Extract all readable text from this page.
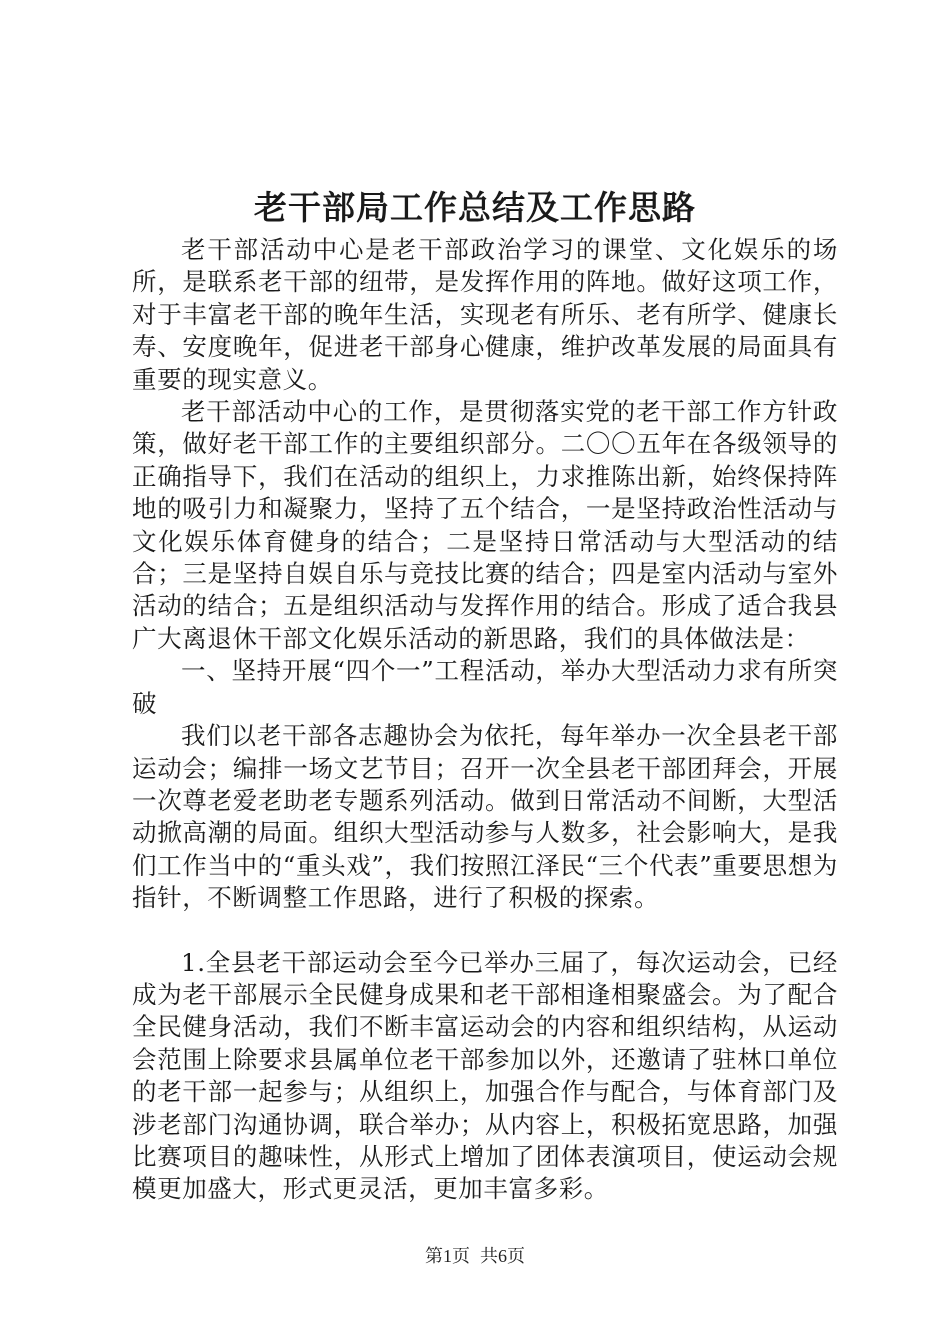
老干部局工作总结及工作思路

老干部活动中心是老干部政治学习的课堂、文化娱乐的场所，是联系老干部的纽带，是发挥作用的阵地。做好这项工作，对于丰富老干部的晚年生活，实现老有所乐、老有所学、健康长寿、安度晚年，促进老干部身心健康，维护改革发展的局面具有重要的现实意义。

老干部活动中心的工作，是贯彻落实党的老干部工作方针政策，做好老干部工作的主要组织部分。二〇〇五年在各级领导的正确指导下，我们在活动的组织上，力求推陈出新，始终保持阵地的吸引力和凝聚力，坚持了五个结合，一是坚持政治性活动与文化娱乐体育健身的结合；二是坚持日常活动与大型活动的结合；三是坚持自娱自乐与竞技比赛的结合；四是室内活动与室外活动的结合；五是组织活动与发挥作用的结合。形成了适合我县广大离退休干部文化娱乐活动的新思路，我们的具体做法是：

一、坚持开展“四个一”工程活动，举办大型活动力求有所突破

我们以老干部各志趣协会为依托，每年举办一次全县老干部运动会；编排一场文艺节目；召开一次全县老干部团拜会，开展一次尊老爱老助老专题系列活动。做到日常活动不间断，大型活动掀高潮的局面。组织大型活动参与人数多，社会影响大，是我们工作当中的“重头戏”，我们按照江泽民“三个代表”重要思想为指针，不断调整工作思路，进行了积极的探索。

1.全县老干部运动会至今已举办三届了，每次运动会，已经成为老干部展示全民健身成果和老干部相逢相聚盛会。为了配合全民健身活动，我们不断丰富运动会的内容和组织结构，从运动会范围上除要求县属单位老干部参加以外，还邀请了驻林口单位的老干部一起参与；从组织上，加强合作与配合，与体育部门及涉老部门沟通协调，联合举办；从内容上，积极拓宽思路，加强比赛项目的趣味性，从形式上增加了团体表演项目，使运动会规模更加盛大，形式更灵活，更加丰富多彩。

第1页 共6页
